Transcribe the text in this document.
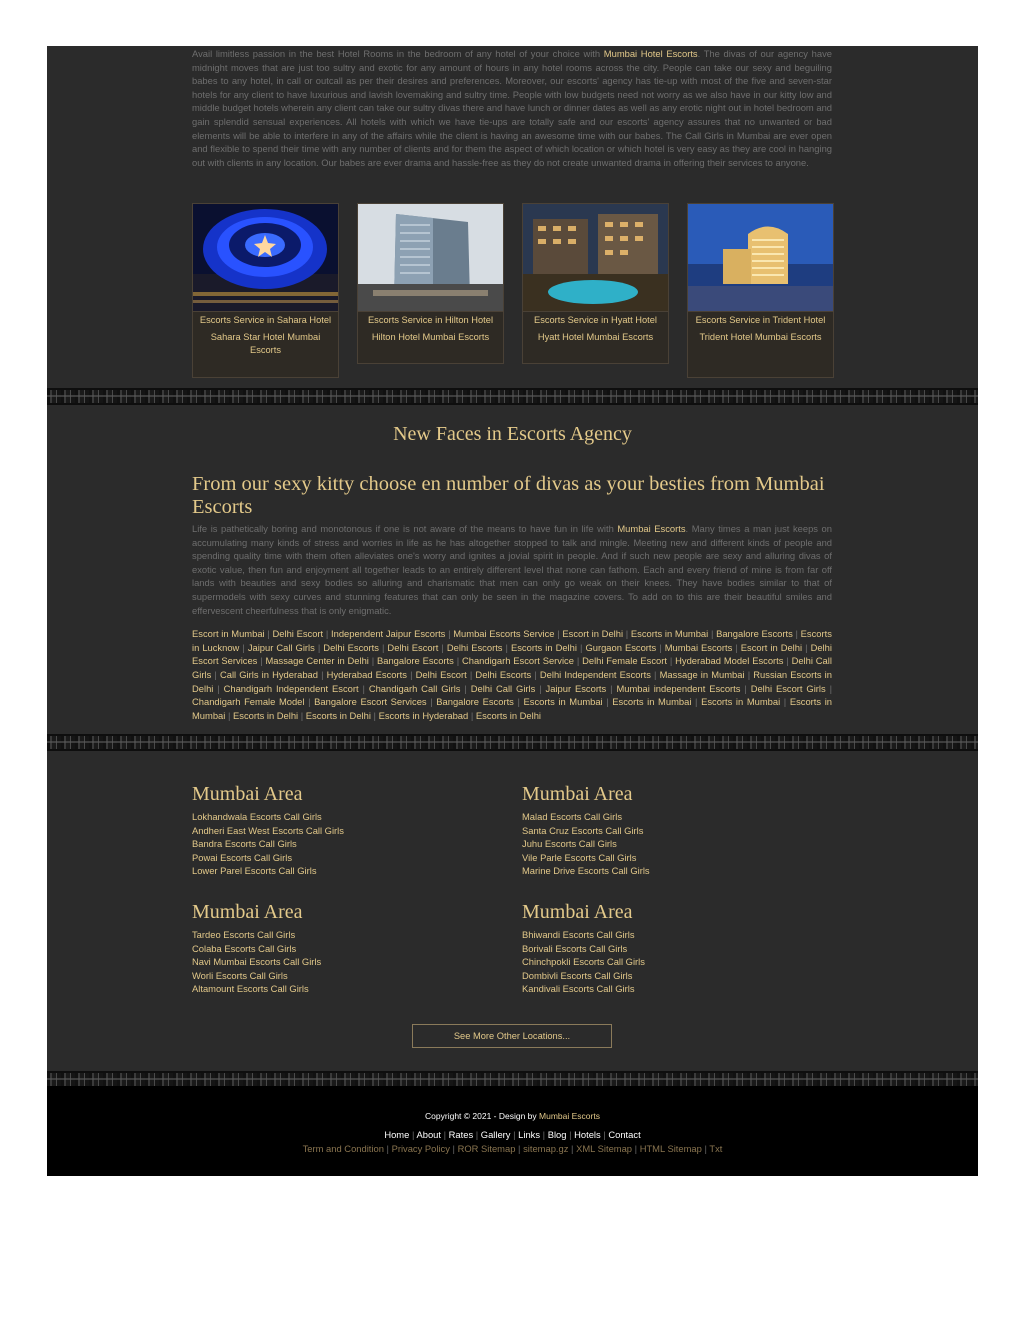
Avail limitless passion in the best Hotel Rooms in the bedroom of any hotel of your choice with Mumbai Hotel Escorts. The divas of our agency have midnight moves that are just too sultry and exotic for any amount of hours in any hotel rooms across the city. People can take our sexy and beguiling babes to any hotel, in call or outcall as per their desires and preferences. Moreover, our escorts' agency has tie-up with most of the five and seven-star hotels for any client to have luxurious and lavish lovemaking and sultry time. People with low budgets need not worry as we also have in our kitty low and middle budget hotels wherein any client can take our sultry divas there and have lunch or dinner dates as well as any erotic night out in hotel bedroom and gain splendid sensual experiences. All hotels with which we have tie-ups are totally safe and our escorts' agency assures that no unwanted or bad elements will be able to interfere in any of the affairs while the client is having an awesome time with our babes. The Call Girls in Mumbai are ever open and flexible to spend their time with any number of clients and for them the aspect of which location or which hotel is very easy as they are cool in hanging out with clients in any location. Our babes are ever drama and hassle-free as they do not create unwanted drama in offering their services to anyone.

Escorts Service in Sahara Hotel
Sahara Star Hotel Mumbai Escorts
Escorts Service in Hilton Hotel
Hilton Hotel Mumbai Escorts
Escorts Service in Hyatt Hotel
Hyatt Hotel Mumbai Escorts
Escorts Service in Trident Hotel
Trident Hotel Mumbai Escorts
New Faces in Escorts Agency
From our sexy kitty choose en number of divas as your besties from Mumbai Escorts

Life is pathetically boring and monotonous if one is not aware of the means to have fun in life with Mumbai Escorts. Many times a man just keeps on accumulating many kinds of stress and worries in life as he has altogether stopped to talk and mingle. Meeting new and different kinds of people and spending quality time with them often alleviates one's worry and ignites a jovial spirit in people. And if such new people are sexy and alluring divas of exotic value, then fun and enjoyment all together leads to an entirely different level that none can fathom. Each and every friend of mine is from far off lands with beauties and sexy bodies so alluring and charismatic that men can only go weak on their knees. They have bodies similar to that of supermodels with sexy curves and stunning features that can only be seen in the magazine covers. To add on to this are their beautiful smiles and effervescent cheerfulness that is only enigmatic.

Escort in Mumbai | Delhi Escort | Independent Jaipur Escorts | Mumbai Escorts Service | Escort in Delhi | Escorts in Mumbai | Bangalore Escorts | Escorts in Lucknow | Jaipur Call Girls | Delhi Escorts | Delhi Escort | Delhi Escorts | Escorts in Delhi | Gurgaon Escorts | Mumbai Escorts | Escort in Delhi | Delhi Escort Services | Massage Center in Delhi | Bangalore Escorts | Chandigarh Escort Service | Delhi Female Escort | Hyderabad Model Escorts | Delhi Call Girls | Call Girls in Hyderabad | Hyderabad Escorts | Delhi Escort | Delhi Escorts | Delhi Independent Escorts | Massage in Mumbai | Russian Escorts in Delhi | Chandigarh Independent Escort | Chandigarh Call Girls | Delhi Call Girls | Jaipur Escorts | Mumbai independent Escorts | Delhi Escort Girls | Chandigarh Female Model | Bangalore Escort Services | Bangalore Escorts | Escorts in Mumbai | Escorts in Mumbai | Escorts in Mumbai | Escorts in Mumbai | Escorts in Delhi | Escorts in Delhi | Escorts in Hyderabad | Escorts in Delhi

Mumbai Area
Lokhandwala Escorts Call Girls
Andheri East West Escorts Call Girls
Bandra Escorts Call Girls
Powai Escorts Call Girls
Lower Parel Escorts Call Girls
Mumbai Area
Malad Escorts Call Girls
Santa Cruz Escorts Call Girls
Juhu Escorts Call Girls
Vile Parle Escorts Call Girls
Marine Drive Escorts Call Girls
Mumbai Area
Tardeo Escorts Call Girls
Colaba Escorts Call Girls
Navi Mumbai Escorts Call Girls
Worli Escorts Call Girls
Altamount Escorts Call Girls
Mumbai Area
Bhiwandi Escorts Call Girls
Borivali Escorts Call Girls
Chinchpokli Escorts Call Girls
Dombivli Escorts Call Girls
Kandivali Escorts Call Girls
See More Other Locations...
Copyright © 2021 - Design by Mumbai Escorts
Home | About | Rates | Gallery | Links | Blog | Hotels | Contact
Term and Condition | Privacy Policy | ROR Sitemap | sitemap.gz | XML Sitemap | HTML Sitemap | Txt
